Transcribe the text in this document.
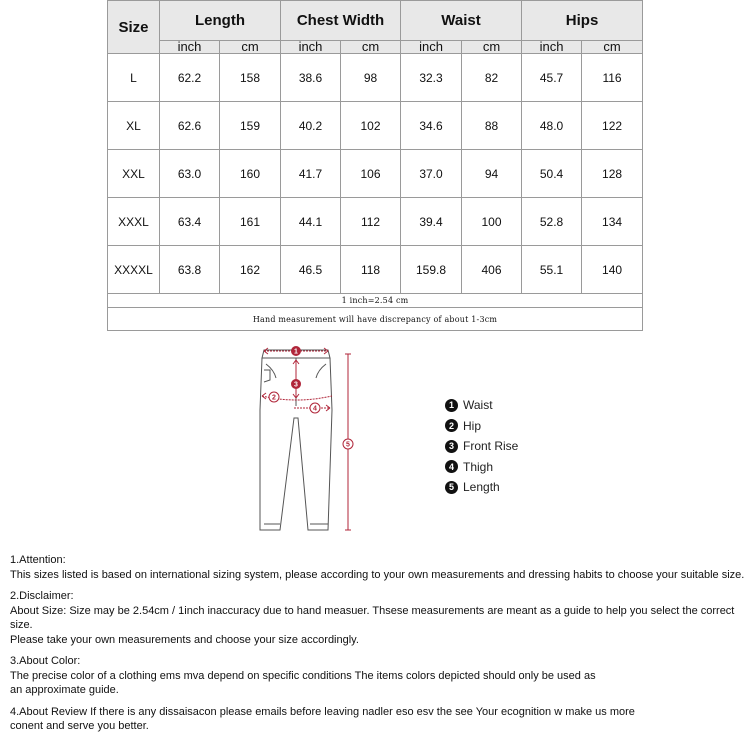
Size	Length		Chest Width		Waist		Hips	
	inch	cm	inch	cm	inch	cm	inch	cm
L	62.2	158	38.6	98	32.3	82	45.7	116
XL	62.6	159	40.2	102	34.6	88	48.0	122
XXL	63.0	160	41.7	106	37.0	94	50.4	128
XXXL	63.4	161	44.1	112	39.4	100	52.8	134
XXXXL	63.8	162	46.5	118	159.8	406	55.1	140
1 inch=2.54 cm								
Hand measurement will have discrepancy of about 1-3cm								
1
2
3
4
5
1 Waist
2 Hip
3 Front Rise
4 Thigh
5 Length

1.Attention:

This sizes listed is based on international sizing system, please according to your own measurements and dressing habits to choose your suitable size.

2.Disclaimer:

About Size: Size may be 2.54cm / 1inch inaccuracy due to hand measuer. Thsese measurements are meant as a guide to help you select the correct size.

Please take your own measurements and choose your size accordingly.

3.About Color:

The precise color of a clothing ems mva depend on specific conditions The items colors depicted should only be used as

an approximate guide.

4.About Review If there is any dissaisacon please emails before leaving nadler eso esv the see Your ecognition w make us more

conent and serve you better.
